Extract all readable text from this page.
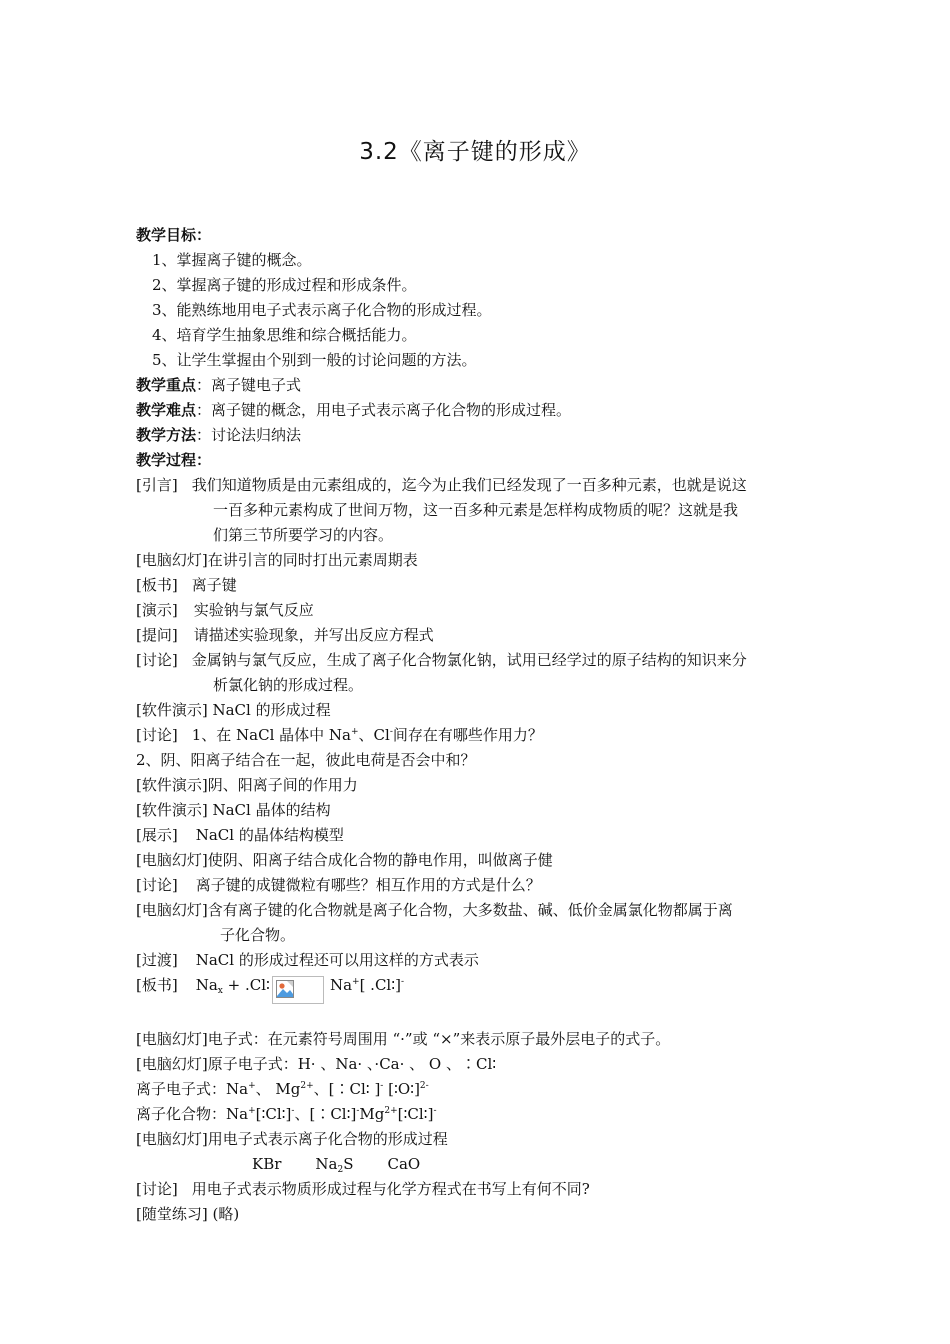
3.2《离子键的形成》
教学目标：
1、掌握离子键的概念。
2、掌握离子键的形成过程和形成条件。
3、能熟练地用电子式表示离子化合物的形成过程。
4、培育学生抽象思维和综合概括能力。
5、让学生掌握由个别到一般的讨论问题的方法。
教学重点：离子键电子式
教学难点：离子键的概念，用电子式表示离子化合物的形成过程。
教学方法：讨论法归纳法
教学过程：
[引言] 我们知道物质是由元素组成的，迄今为止我们已经发现了一百多种元素，也就是说这
一百多种元素构成了世间万物，这一百多种元素是怎样构成物质的呢？这就是我
们第三节所要学习的内容。
[电脑幻灯]在讲引言的同时打出元素周期表
[板书] 离子键
[演示] 实验钠与氯气反应
[提问] 请描述实验现象，并写出反应方程式
[讨论] 金属钠与氯气反应，生成了离子化合物氯化钠，试用已经学过的原子结构的知识来分
析氯化钠的形成过程。
[软件演示] NaCl 的形成过程
[讨论] 1、在 NaCl 晶体中 Na+、Cl-间存在有哪些作用力？
2、阴、阳离子结合在一起，彼此电荷是否会中和？
[软件演示]阴、阳离子间的作用力
[软件演示] NaCl 晶体的结构
[展示] NaCl 的晶体结构模型
[电脑幻灯]使阴、阳离子结合成化合物的静电作用，叫做离子健
[讨论] 离子键的成键微粒有哪些？相互作用的方式是什么？
[电脑幻灯]含有离子键的化合物就是离子化合物，大多数盐、碱、低价金属氯化物都属于离
子化合物。
[过渡] NaCl 的形成过程还可以用这样的方式表示
[板书] $Na_x$ + .Cl∶	Na+[ .Cl∶]-
[电脑幻灯]电子式：在元素符号周围用 “·”或 “×”来表示原子最外层电子的式子。
[电脑幻灯]原子电子式：H· 、Na· 、·Ca· 、 O 、∶Cl∶
离子电子式：Na+、 $Mg^{2+}$、[∶Cl∶ ]- [∶O∶]$^{2-}$
离子化合物：Na+[∶Cl∶]-、$[∶Cl∶]^-Mg^{2+}[∶Cl∶]^-$
[电脑幻灯]用电子式表示离子化合物的形成过程
KBr $Na_2S$ CaO
[讨论] 用电子式表示物质形成过程与化学方程式在书写上有何不同?
[随堂练习] (略)
